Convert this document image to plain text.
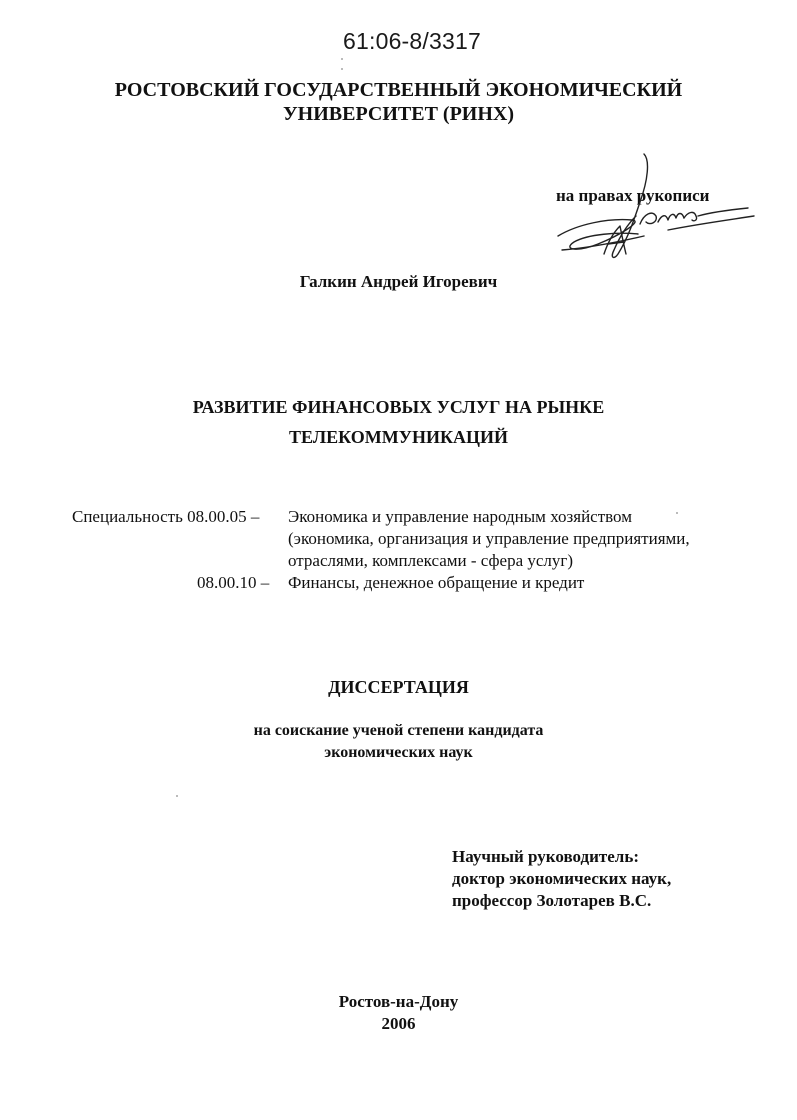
61:06-8/3317
РОСТОВСКИЙ ГОСУДАРСТВЕННЫЙ ЭКОНОМИЧЕСКИЙ
УНИВЕРСИТЕТ (РИНХ)
на правах рукописи
Галкин
Галкин Андрей Игоревич
РАЗВИТИЕ ФИНАНСОВЫХ УСЛУГ НА РЫНКЕ
ТЕЛЕКОММУНИКАЦИЙ
Специальность 08.00.05 – Экономика и управление народным хозяйством
(экономика, организация и управление предприятиями,
отраслями, комплексами - сфера услуг)
08.00.10 – Финансы, денежное обращение и кредит
ДИССЕРТАЦИЯ
на соискание ученой степени кандидата
экономических наук
Научный руководитель:
доктор экономических наук,
профессор Золотарев В.С.
Ростов-на-Дону
2006
